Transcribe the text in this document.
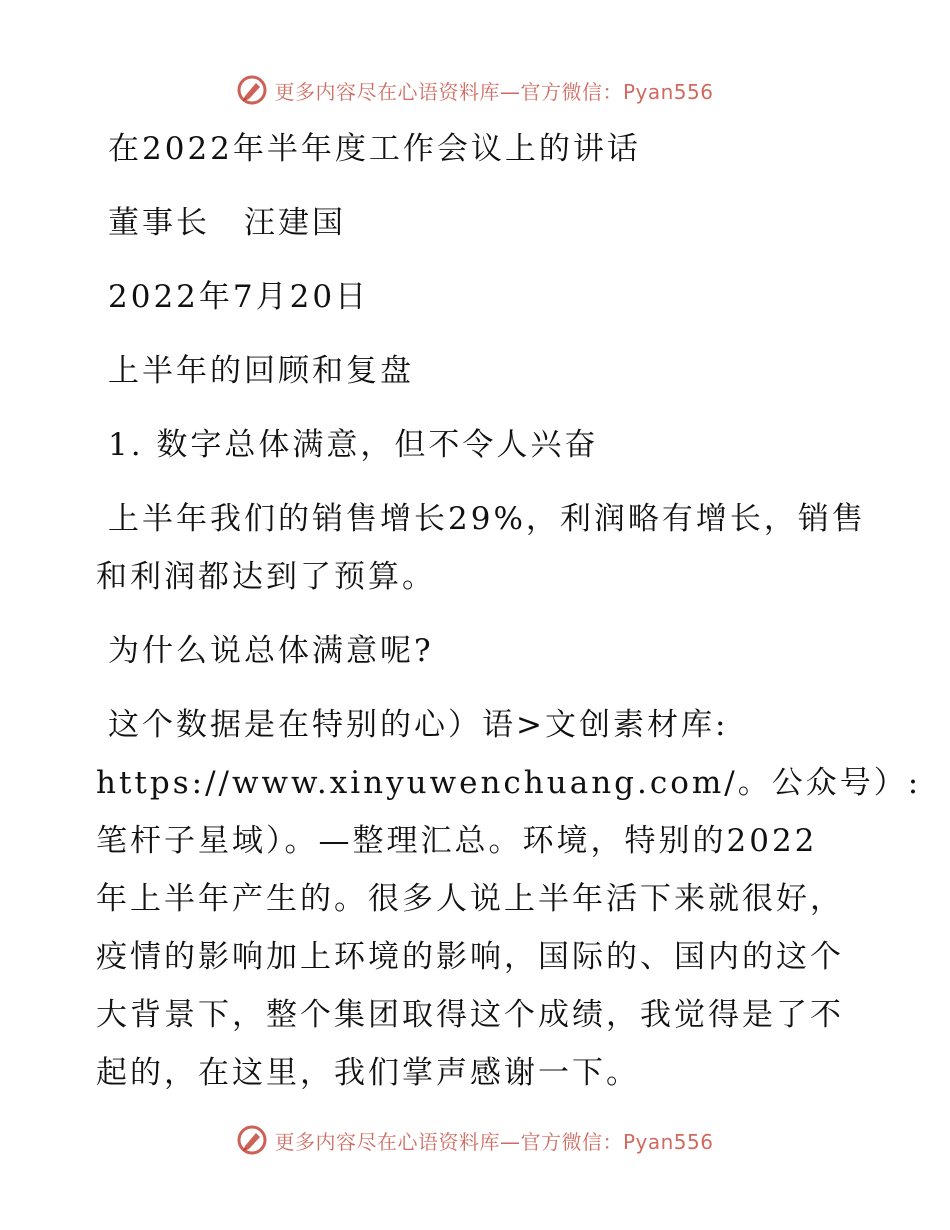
更多内容尽在心语资料库—官方微信：Pyan556
在2022年半年度工作会议上的讲话
董事长　汪建国
2022年7月20日
上半年的回顾和复盘
1. 数字总体满意，但不令人兴奋
上半年我们的销售增长29%，利润略有增长，销售
和利润都达到了预算。
为什么说总体满意呢?
这个数据是在特别的心）语>文创素材库:
https://www.xinyuwenchuang.com/。公众号）:
笔杆子星域）。—整理汇总。环境，特别的2022
年上半年产生的。很多人说上半年活下来就很好，
疫情的影响加上环境的影响，国际的、国内的这个
大背景下，整个集团取得这个成绩，我觉得是了不
起的，在这里，我们掌声感谢一下。
更多内容尽在心语资料库—官方微信：Pyan556
